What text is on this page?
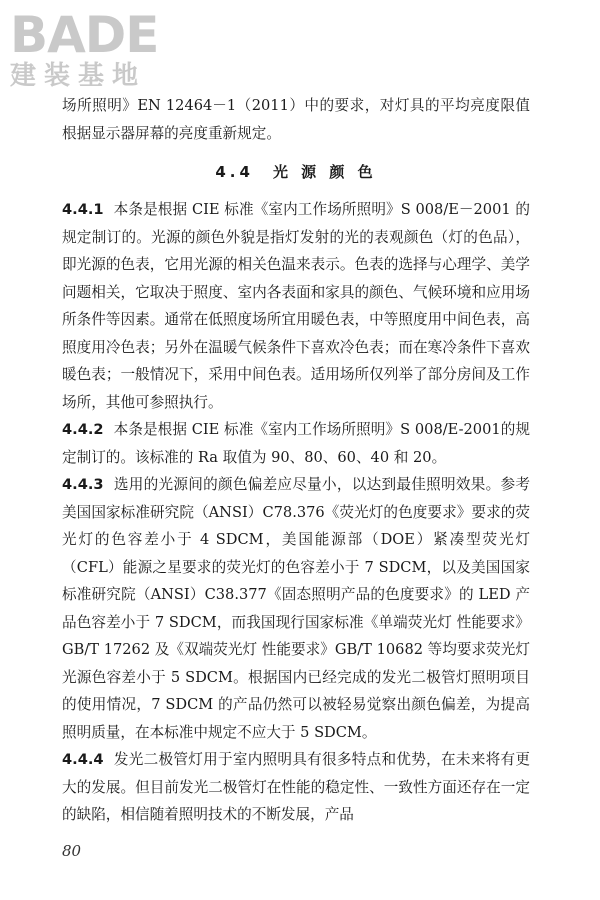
BADE
建装基地

场所照明》EN 12464－1（2011）中的要求，对灯具的平均亮度限值根据显示器屏幕的亮度重新规定。

4.4　光 源 颜 色

4.4.1 本条是根据 CIE 标准《室内工作场所照明》S 008/E－2001 的规定制订的。光源的颜色外貌是指灯发射的光的表观颜色（灯的色品），即光源的色表，它用光源的相关色温来表示。色表的选择与心理学、美学问题相关，它取决于照度、室内各表面和家具的颜色、气候环境和应用场所条件等因素。通常在低照度场所宜用暖色表，中等照度用中间色表，高照度用冷色表；另外在温暖气候条件下喜欢冷色表；而在寒冷条件下喜欢暖色表；一般情况下，采用中间色表。适用场所仅列举了部分房间及工作场所，其他可参照执行。

4.4.2 本条是根据 CIE 标准《室内工作场所照明》S 008/E-2001的规定制订的。该标准的 Ra 取值为 90、80、60、40 和 20。

4.4.3 选用的光源间的颜色偏差应尽量小，以达到最佳照明效果。参考美国国家标准研究院（ANSI）C78.376《荧光灯的色度要求》要求的荧光灯的色容差小于 4 SDCM，美国能源部（DOE）紧凑型荧光灯（CFL）能源之星要求的荧光灯的色容差小于 7 SDCM，以及美国国家标准研究院（ANSI）C38.377《固态照明产品的色度要求》的 LED 产品色容差小于 7 SDCM，而我国现行国家标准《单端荧光灯 性能要求》GB/T 17262 及《双端荧光灯 性能要求》GB/T 10682 等均要求荧光灯光源色容差小于 5 SDCM。根据国内已经完成的发光二极管灯照明项目的使用情况，7 SDCM 的产品仍然可以被轻易觉察出颜色偏差，为提高照明质量，在本标准中规定不应大于 5 SDCM。

4.4.4 发光二极管灯用于室内照明具有很多特点和优势，在未来将有更大的发展。但目前发光二极管灯在性能的稳定性、一致性方面还存在一定的缺陷，相信随着照明技术的不断发展，产品

80
